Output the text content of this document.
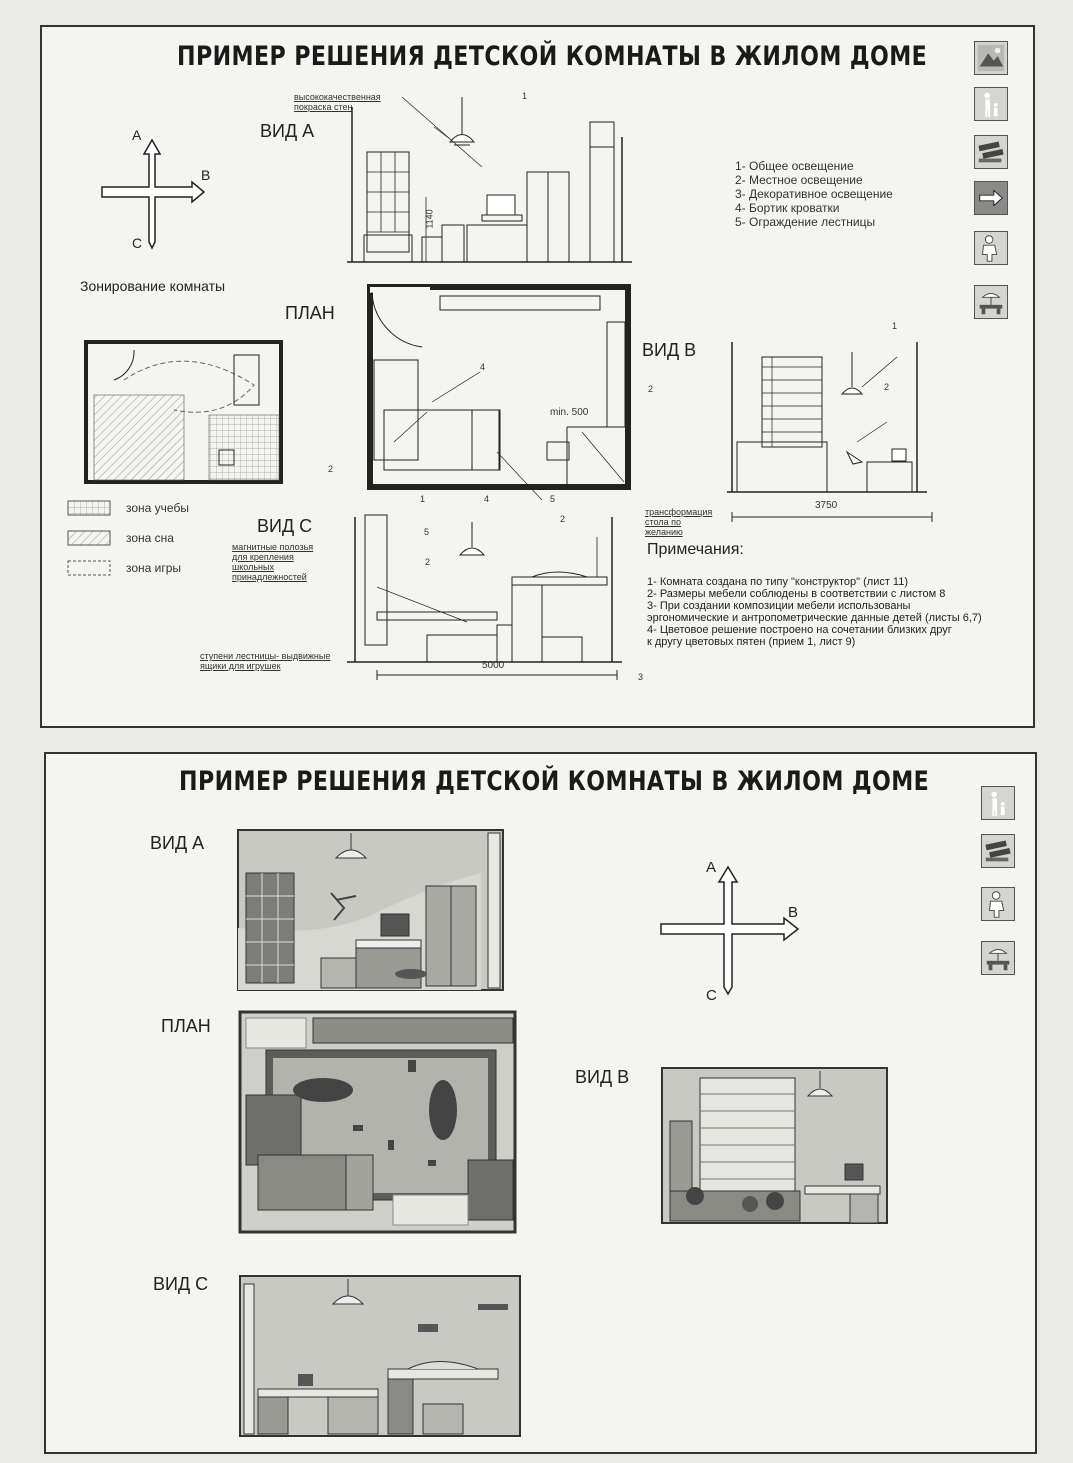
ПРИМЕР РЕШЕНИЯ ДЕТСКОЙ КОМНАТЫ В ЖИЛОМ ДОМЕ
A
B
C
ВИД А
высококачественная покраска стен
1140
1
1- Общее освещение
2- Местное освещение
3- Декоративное освещение
4- Бортик кроватки
5- Ограждение лестницы
Зонирование комнаты
зона учебы
зона сна
зона игры
ПЛАН
min. 500
4
2
5
2
ВИД В
1
2
3750
трансформация стола по желанию
ВИД С
магнитные полозья для крепления школьных принадлежностей
ступени лестницы- выдвижные ящики для игрушек
1	4
2
5
2
3
5000
Примечания:
1- Комната создана по типу "конструктор" (лист 11)
2- Размеры мебели соблюдены в соответствии с листом 8
3- При создании композиции мебели использованы
эргономические и антропометрические данные детей (листы 6,7)
4- Цветовое решение построено на сочетании близких друг
к другу цветовых пятен (прием 1, лист 9)
ПРИМЕР РЕШЕНИЯ ДЕТСКОЙ КОМНАТЫ В ЖИЛОМ ДОМЕ
ВИД А
A
B
C
ПЛАН
ВИД В
ВИД С
